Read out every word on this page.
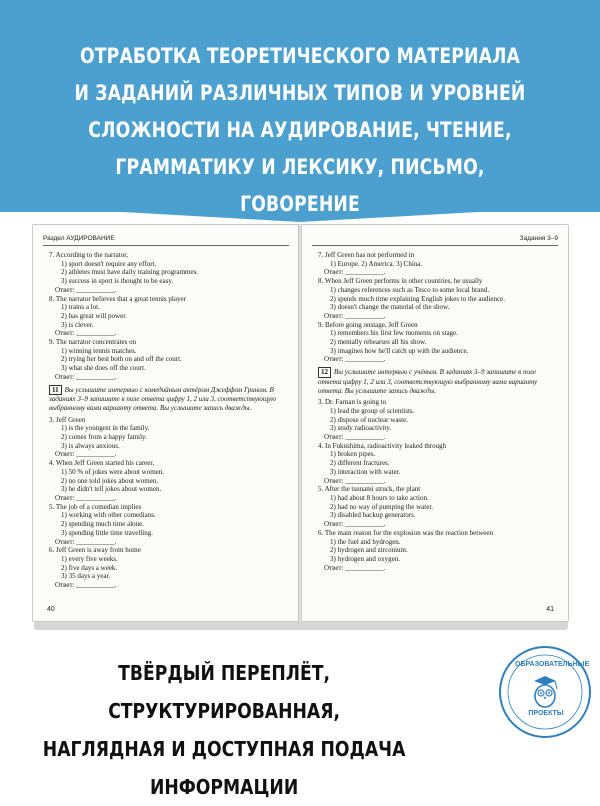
ОТРАБОТКА ТЕОРЕТИЧЕСКОГО МАТЕРИАЛА
И ЗАДАНИЙ РАЗЛИЧНЫХ ТИПОВ И УРОВНЕЙ
СЛОЖНОСТИ НА АУДИРОВАНИЕ, ЧТЕНИЕ,
ГРАММАТИКУ И ЛЕКСИКУ, ПИСЬМО, ГОВОРЕНИЕ
Раздел АУДИРОВАНИЕ

7. According to the narrator,

1) sport doesn't require any effort.

2) athletes must have daily training programmes.

3) success in sport is thought to be easy.

Ответ: ___________.

8. The narrator believes that a great tennis player

1) trains a lot.

2) has great will power.

3) is clever.

Ответ: ___________.

9. The narrator concentrates on

1) winning tennis matches.

2) trying her best both on and off the court.

3) what she does off the court.

Ответ: ___________.

11 Вы услышите интервью с комедийным актёром Джеффом Грином. В заданиях 3–9 запишите в поле ответа цифру 1, 2 или 3, соответствующую выбранному вами варианту ответа. Вы услышите запись дважды.

3. Jeff Green

1) is the youngest in the family.

2) comes from a happy family.

3) is always anxious.

Ответ: ___________.

4. When Jeff Green started his career,

1) 50 % of jokes were about women.

2) no one told jokes about women.

3) he didn't tell jokes about women.

Ответ: ___________.

5. The job of a comedian implies

1) working with other comedians.

2) spending much time alone.

3) spending little time travelling.

Ответ: ___________.

6. Jeff Green is away from home

1) every five weeks.

2) five days a week.

3) 35 days a year.

Ответ: ___________.

40
Задания 3–9

7. Jeff Green has not performed in

1) Europe. 2) America. 3) China.

Ответ: ___________.

8. When Jeff Green performs in other countries, he usually

1) changes references such as Tesco to some local brand.

2) spends much time explaining English jokes to the audience.

3) doesn't change the material of the show.

Ответ: ___________.

9. Before going onstage, Jeff Green

1) remembers his first few moments on stage.

2) mentally rehearses all his show.

3) imagines how he'll catch up with the audience.

Ответ: ___________.

12 Вы услышите интервью с учёным. В заданиях 3–9 запишите в поле ответа цифру 1, 2 или 3, соответствующую выбранному вами варианту ответа. Вы услышите запись дважды.

3. Dr. Farnan is going to

1) lead the group of scientists.

2) dispose of nuclear waste.

3) study radioactivity.

Ответ: ___________.

4. In Fukushima, radioactivity leaked through

1) broken pipes.

2) different fractures.

3) interaction with water.

Ответ: ___________.

5. After the tsunami struck, the plant

1) had about 8 hours to take action.

2) had no way of pumping the water.

3) disabled backup generators.

Ответ: ___________.

6. The main reason for the explosion was the reaction between

1) the fuel and hydrogen.

2) hydrogen and zirconium.

3) hydrogen and oxygen.

Ответ: ___________.

41
ТВЁРДЫЙ ПЕРЕПЛЁТ, СТРУКТУРИРОВАННАЯ,
НАГЛЯДНАЯ И ДОСТУПНАЯ ПОДАЧА ИНФОРМАЦИИ
ОБРАЗОВАТЕЛЬНЫЕ
ПРОЕКТЫ
